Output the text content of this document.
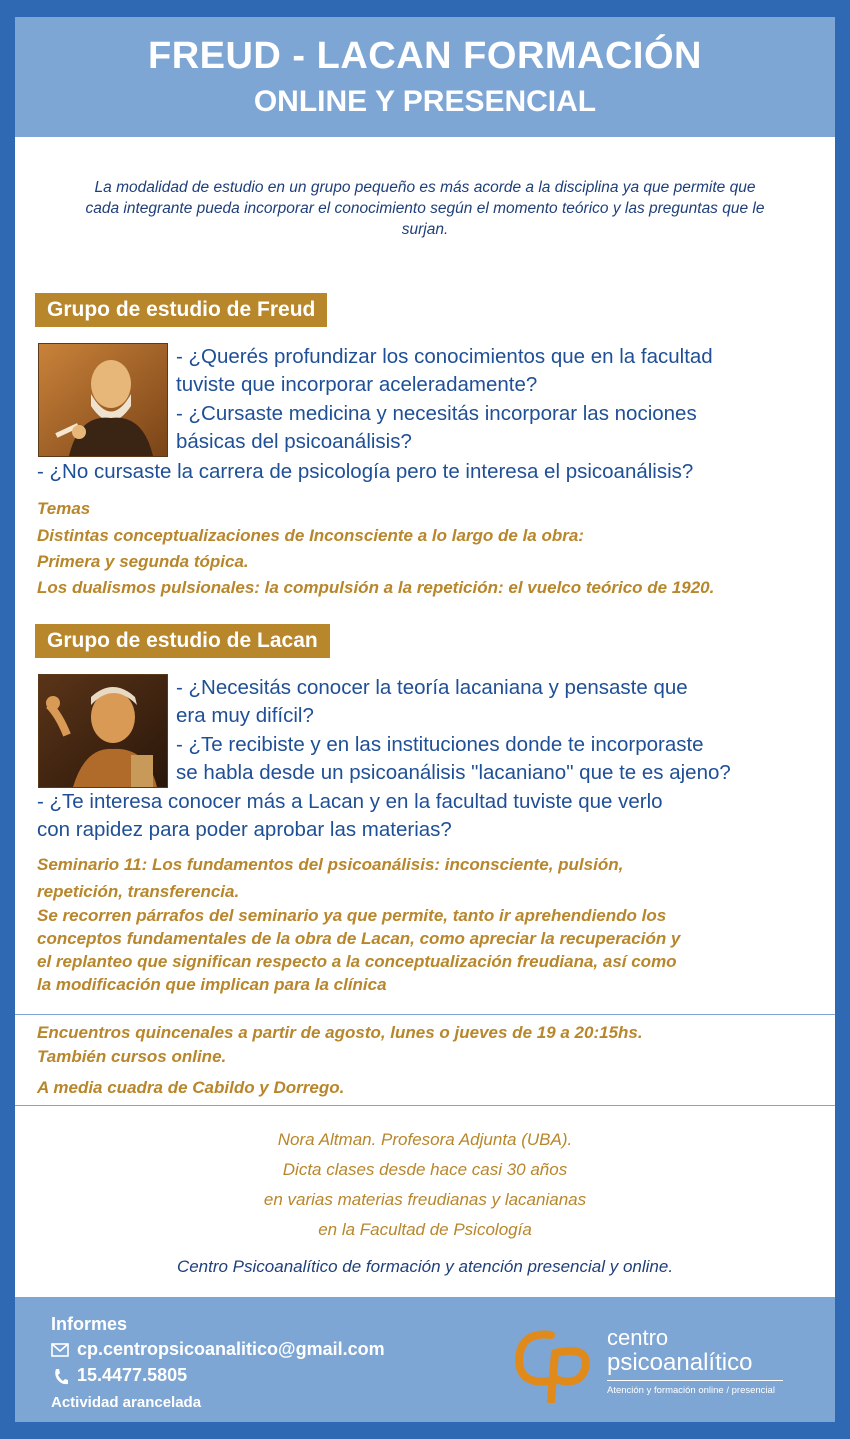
FREUD - LACAN FORMACIÓN
ONLINE Y PRESENCIAL
La modalidad de estudio en un grupo pequeño es más acorde a la disciplina ya que permite que cada integrante pueda incorporar el conocimiento según el momento teórico y las preguntas que le surjan.
Grupo de estudio de Freud
- ¿Querés profundizar los conocimientos que en la facultad
tuviste que incorporar aceleradamente?
- ¿Cursaste medicina y necesitás incorporar las nociones
básicas del psicoanálisis?
- ¿No cursaste la carrera de psicología pero te interesa el psicoanálisis?
Temas
Distintas conceptualizaciones de Inconsciente a lo largo de la obra:
Primera y segunda tópica.
Los dualismos pulsionales: la compulsión a la repetición: el vuelco teórico de 1920.
Grupo de estudio de Lacan
- ¿Necesitás conocer la teoría lacaniana y pensaste que
era muy difícil?
- ¿Te recibiste y en las instituciones donde te incorporaste
se habla desde un psicoanálisis "lacaniano" que te es ajeno?
- ¿Te interesa conocer más a Lacan y en la facultad tuviste que verlo
con rapidez para poder aprobar las materias?
Seminario 11: Los fundamentos del psicoanálisis: inconsciente, pulsión,
repetición, transferencia.
Se recorren párrafos del seminario ya que permite, tanto ir aprehendiendo los
conceptos fundamentales de la obra de Lacan, como apreciar la recuperación y
el replanteo que significan respecto a la conceptualización freudiana, así como
la modificación que implican para la clínica
Encuentros quincenales a partir de agosto, lunes o jueves de 19 a 20:15hs.
También cursos online.
A media cuadra de Cabildo y Dorrego.
Nora Altman. Profesora Adjunta (UBA).
Dicta clases desde hace casi 30 años
en varias materias freudianas y lacanianas
en la Facultad de Psicología
Centro Psicoanalítico de formación y atención presencial y online.
Informes
cp.centropsicoanalitico@gmail.com
15.4477.5805
Actividad arancelada
centro
psicoanalítico
Atención y formación online / presencial
